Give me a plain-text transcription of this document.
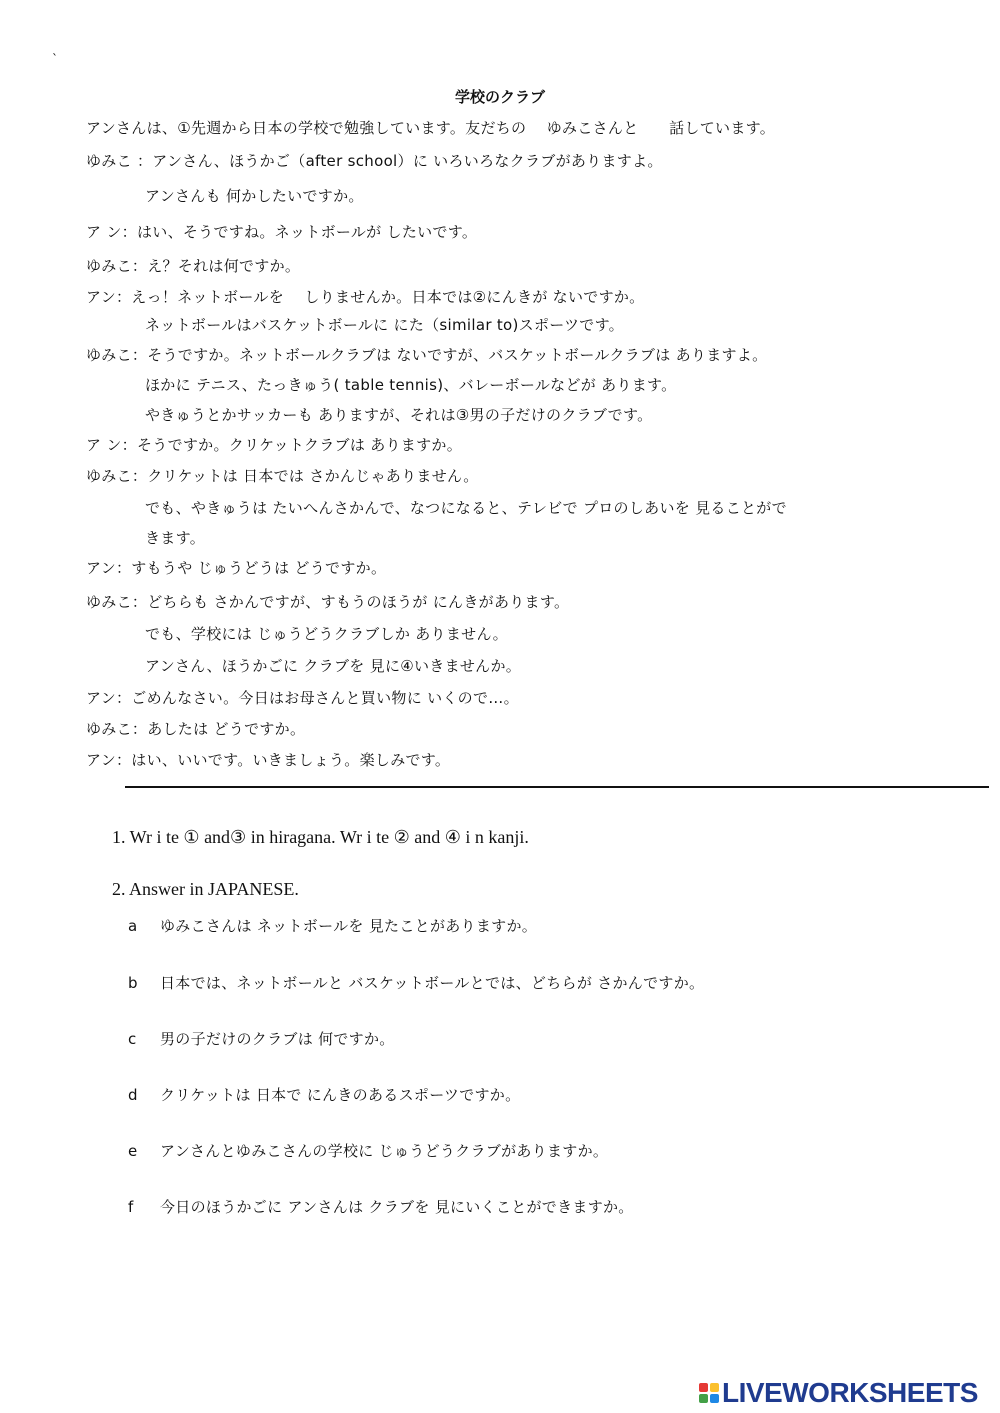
`
学校のクラブ
アンさんは、①先週から日本の学校で勉強しています。友だちの　 ゆみこさんと　　話しています。
ゆみこ ：アンさん、ほうかご（after school）に いろいろなクラブがありますよ。
アンさんも 何かしたいですか。
ア ン：はい、そうですね。ネットボールが したいです。
ゆみこ：え？それは何ですか。
アン：えっ！ネットボールを　 しりませんか。日本では②にんきが ないですか。
ネットボールはバスケットボールに にた（similar to)スポーツです。
ゆみこ：そうですか。ネットボールクラブは ないですが、バスケットボールクラブは ありますよ。
ほかに テニス、たっきゅう( table tennis)、バレーボールなどが あります。
やきゅうとかサッカーも ありますが、それは③男の子だけのクラブです。
ア ン：そうですか。クリケットクラブは ありますか。
ゆみこ：クリケットは 日本では さかんじゃありません。
でも、やきゅうは たいへんさかんで、なつになると、テレビで プロのしあいを 見ることがで
きます。
アン：すもうや じゅうどうは どうですか。
ゆみこ：どちらも さかんですが、すもうのほうが にんきがあります。
でも、学校には じゅうどうクラブしか ありません。
アンさん、ほうかごに クラブを 見に④いきませんか。
アン：ごめんなさい。今日はお母さんと買い物に いくので…。
ゆみこ：あしたは どうですか。
アン：はい、いいです。いきましょう。楽しみです。
1. Wr i te ① and③ in hiragana. Wr i te ② and ④ i n kanji.
2. Answer in JAPANESE.
a ゆみこさんは ネットボールを 見たことがありますか。
b 日本では、ネットボールと バスケットボールとでは、どちらが さかんですか。
c 男の子だけのクラブは 何ですか。
d クリケットは 日本で にんきのあるスポーツですか。
e アンさんとゆみこさんの学校に じゅうどうクラブがありますか。
f 今日のほうかごに アンさんは クラブを 見にいくことができますか。
LIVEWORKSHEETS
